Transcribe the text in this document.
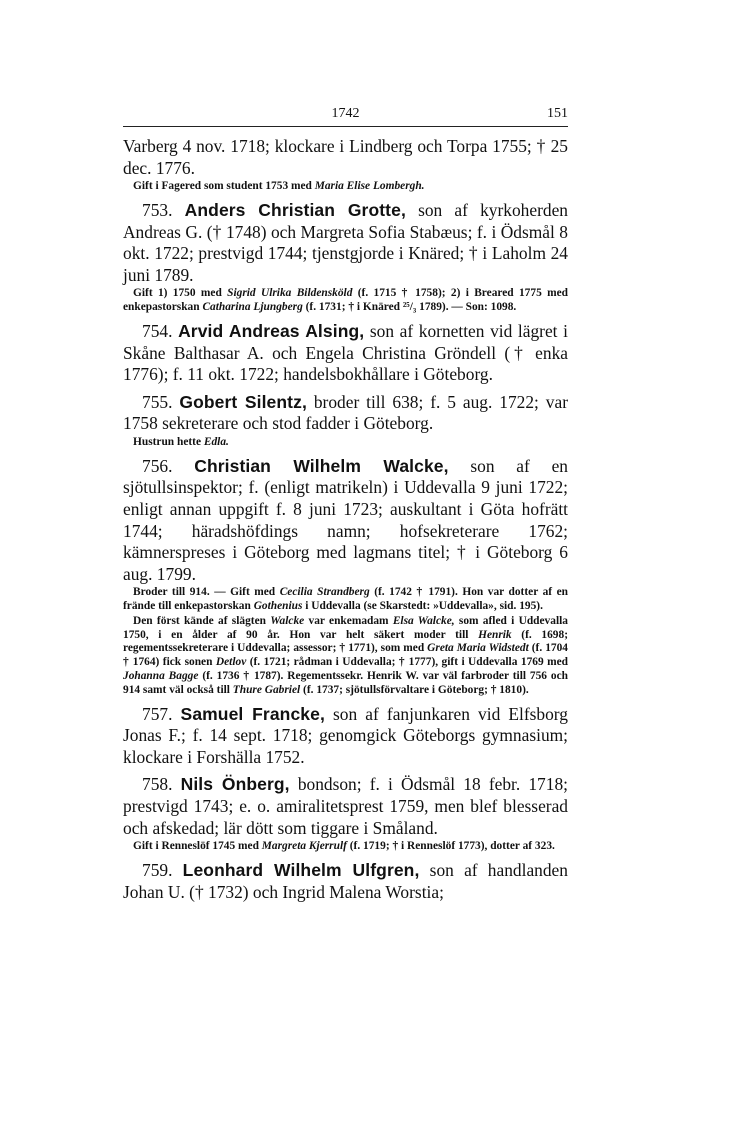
1742	151

Varberg 4 nov. 1718; klockare i Lindberg och Torpa 1755; † 25 dec. 1776.

Gift i Fagered som student 1753 med Maria Elise Lombergh.

753. Anders Christian Grotte, son af kyrkoherden Andreas G. († 1748) och Margreta Sofia Stabæus; f. i Ödsmål 8 okt. 1722; prestvigd 1744; tjenstgjorde i Knäred; † i Laholm 24 juni 1789.

Gift 1) 1750 med Sigrid Ulrika Bildensköld (f. 1715 † 1758); 2) i Breared 1775 med enkepastorskan Catharina Ljungberg (f. 1731; † i Knäred ²⁵/₃ 1789). — Son: 1098.

754. Arvid Andreas Alsing, son af kornetten vid lägret i Skåne Balthasar A. och Engela Christina Gröndell († enka 1776); f. 11 okt. 1722; handelsbokhållare i Göteborg.

755. Gobert Silentz, broder till 638; f. 5 aug. 1722; var 1758 sekreterare och stod fadder i Göteborg.

Hustrun hette Edla.

756. Christian Wilhelm Walcke, son af en sjötullsinspektor; f. (enligt matrikeln) i Uddevalla 9 juni 1722; enligt annan uppgift f. 8 juni 1723; auskultant i Göta hofrätt 1744; häradshöfdings namn; hofsekreterare 1762; kämnerspreses i Göteborg med lagmans titel; † i Göteborg 6 aug. 1799.

Broder till 914. — Gift med Cecilia Strandberg (f. 1742 † 1791). Hon var dotter af en frände till enkepastorskan Gothenius i Uddevalla (se Skarstedt: »Uddevalla», sid. 195).

Den först kände af slägten Walcke var enkemadam Elsa Walcke, som afled i Uddevalla 1750, i en ålder af 90 år. Hon var helt säkert moder till Henrik (f. 1698; regementssekreterare i Uddevalla; assessor; † 1771), som med Greta Maria Widstedt (f. 1704 † 1764) fick sonen Detlov (f. 1721; rådman i Uddevalla; † 1777), gift i Uddevalla 1769 med Johanna Bagge (f. 1736 † 1787). Regementssekr. Henrik W. var väl farbroder till 756 och 914 samt väl också till Thure Gabriel (f. 1737; sjötullsförvaltare i Göteborg; † 1810).

757. Samuel Francke, son af fanjunkaren vid Elfsborg Jonas F.; f. 14 sept. 1718; genomgick Göteborgs gymnasium; klockare i Forshälla 1752.

758. Nils Önberg, bondson; f. i Ödsmål 18 febr. 1718; prestvigd 1743; e. o. amiralitetsprest 1759, men blef blesserad och afskedad; lär dött som tiggare i Småland.

Gift i Renneslöf 1745 med Margreta Kjerrulf (f. 1719; † i Renneslöf 1773), dotter af 323.

759. Leonhard Wilhelm Ulfgren, son af handlanden Johan U. († 1732) och Ingrid Malena Worstia;
